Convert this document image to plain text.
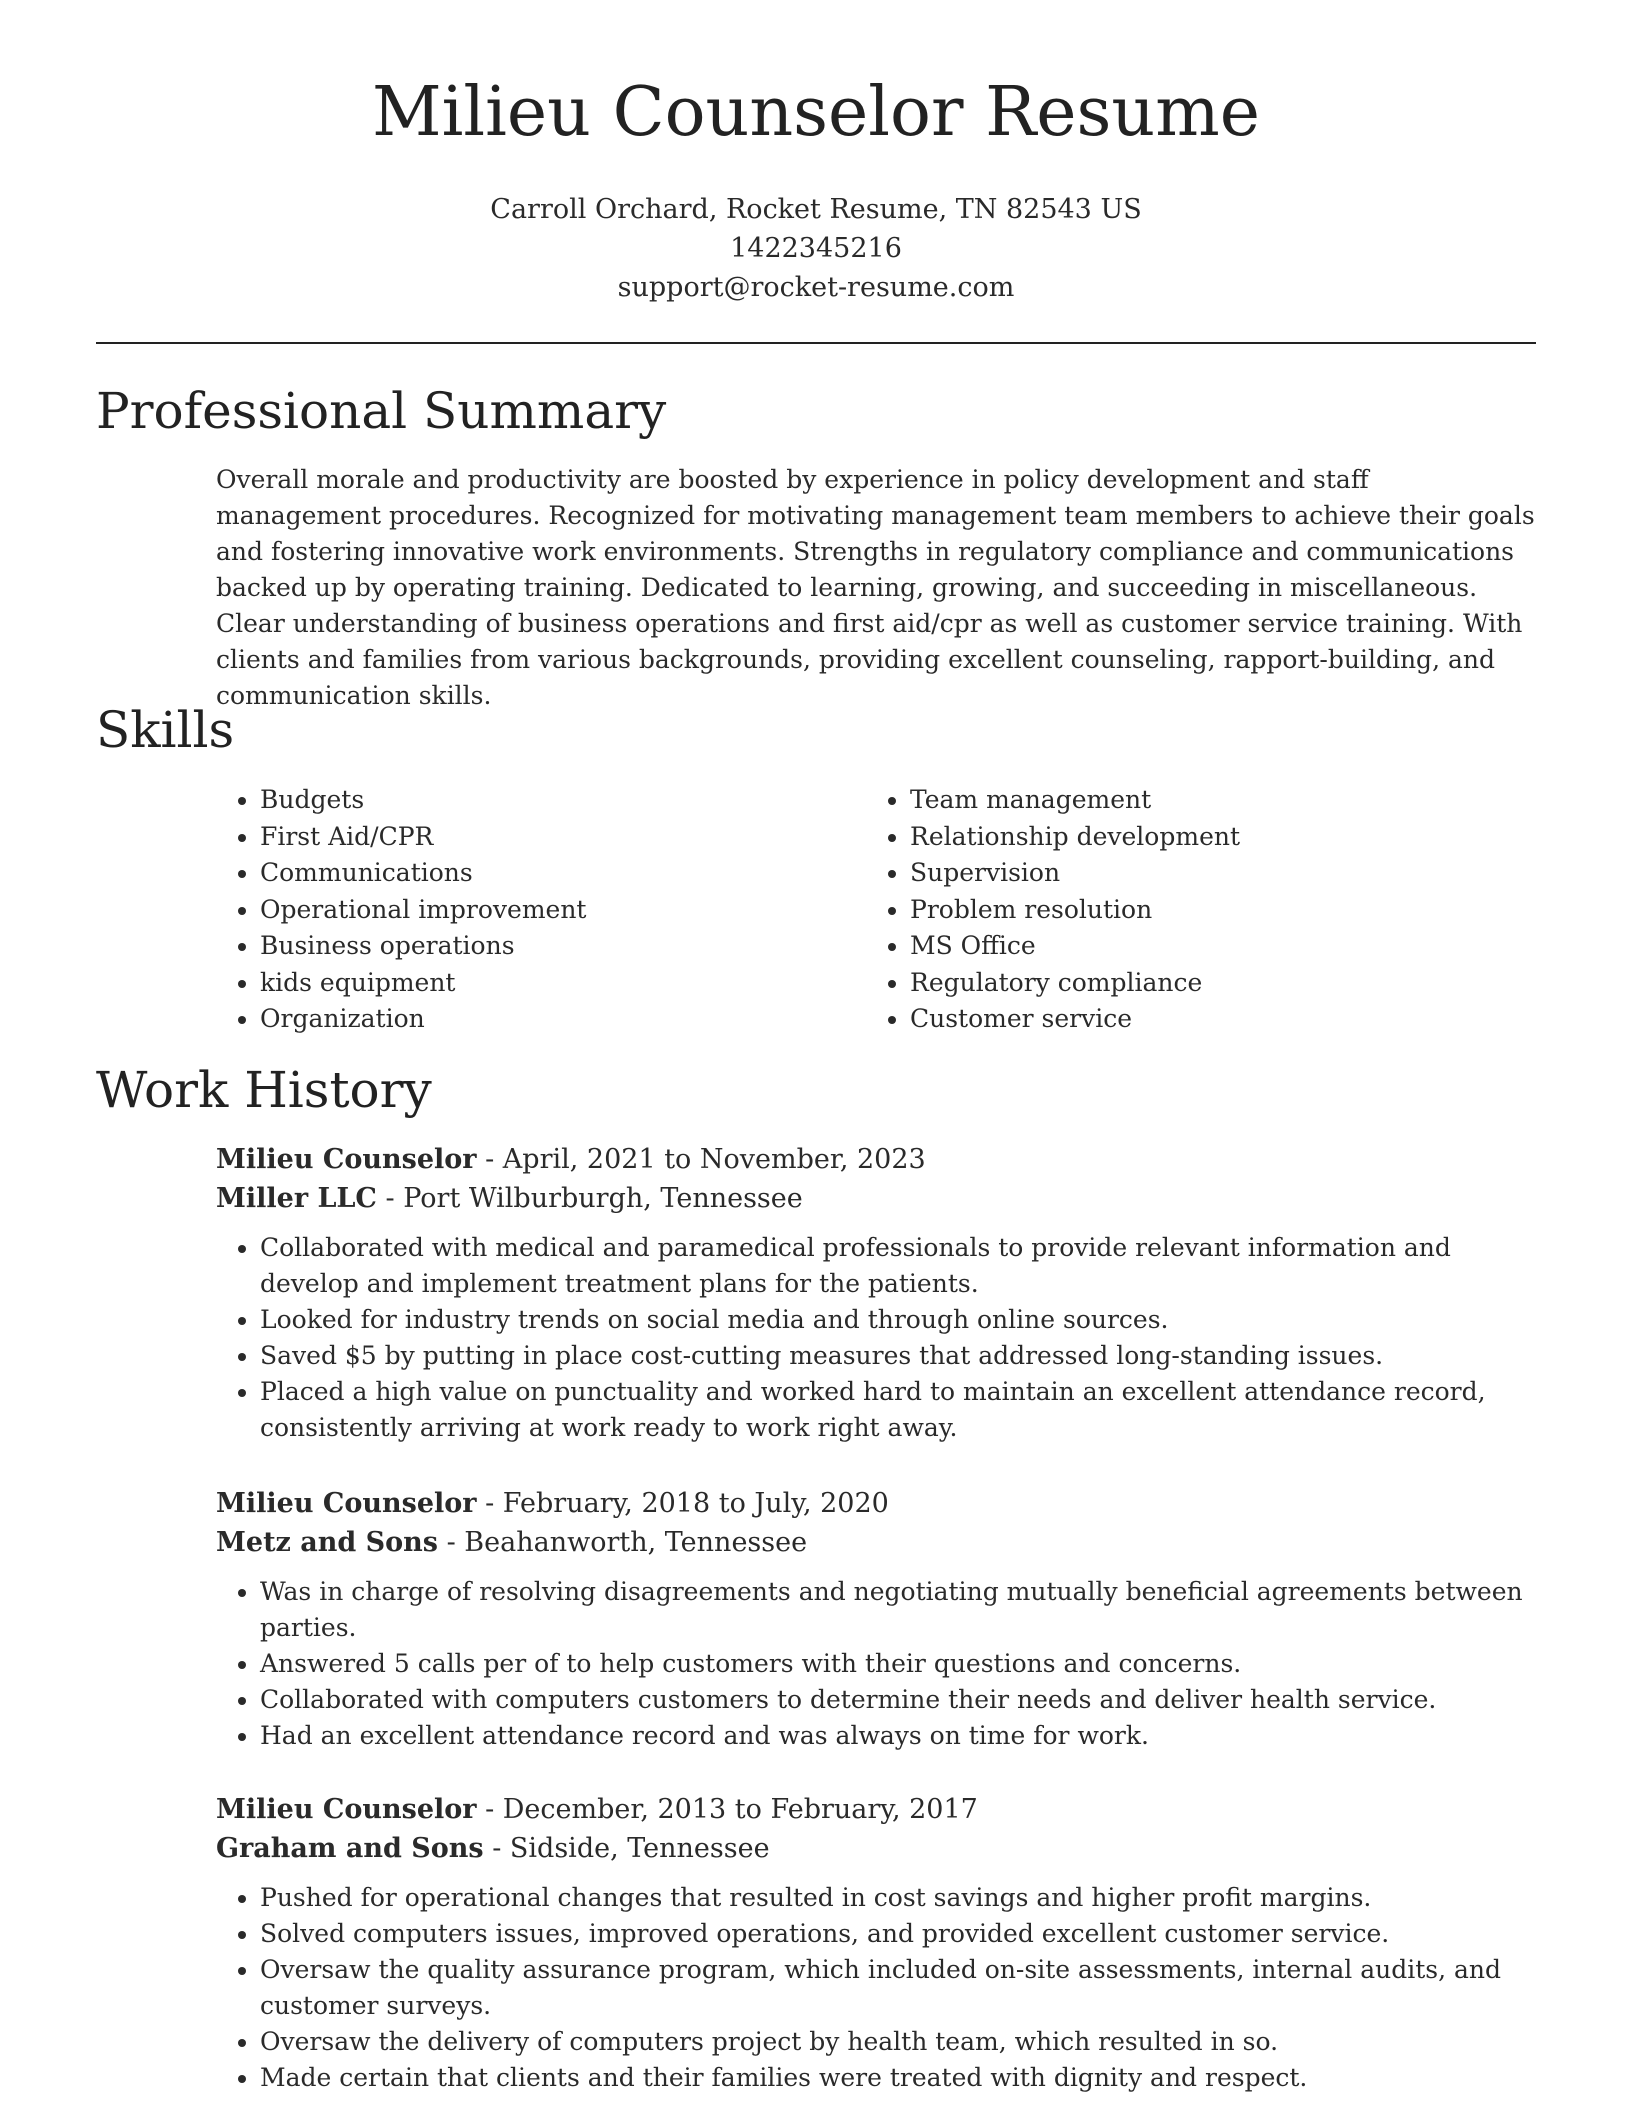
Milieu Counselor Resume
Carroll Orchard, Rocket Resume, TN 82543 US
1422345216
support@rocket-resume.com
Professional Summary

Overall morale and productivity are boosted by experience in policy development and staff management procedures. Recognized for motivating management team members to achieve their goals and fostering innovative work environments. Strengths in regulatory compliance and communications backed up by operating training. Dedicated to learning, growing, and succeeding in miscellaneous. Clear understanding of business operations and first aid/cpr as well as customer service training. With clients and families from various backgrounds, providing excellent counseling, rapport-building, and communication skills.

Skills
• Budgets
• First Aid/CPR
• Communications
• Operational improvement
• Business operations
• kids equipment
• Organization
• Team management
• Relationship development
• Supervision
• Problem resolution
• MS Office
• Regulatory compliance
• Customer service
Work History

Milieu Counselor - April, 2021 to November, 2023

Miller LLC - Port Wilburburgh, Tennessee

• Collaborated with medical and paramedical professionals to provide relevant information and develop and implement treatment plans for the patients.
• Looked for industry trends on social media and through online sources.
• Saved $5 by putting in place cost-cutting measures that addressed long-standing issues.
• Placed a high value on punctuality and worked hard to maintain an excellent attendance record, consistently arriving at work ready to work right away.

Milieu Counselor - February, 2018 to July, 2020

Metz and Sons - Beahanworth, Tennessee

• Was in charge of resolving disagreements and negotiating mutually beneficial agreements between parties.
• Answered 5 calls per of to help customers with their questions and concerns.
• Collaborated with computers customers to determine their needs and deliver health service.
• Had an excellent attendance record and was always on time for work.

Milieu Counselor - December, 2013 to February, 2017

Graham and Sons - Sidside, Tennessee

• Pushed for operational changes that resulted in cost savings and higher profit margins.
• Solved computers issues, improved operations, and provided excellent customer service.
• Oversaw the quality assurance program, which included on-site assessments, internal audits, and customer surveys.
• Oversaw the delivery of computers project by health team, which resulted in so.
• Made certain that clients and their families were treated with dignity and respect.
